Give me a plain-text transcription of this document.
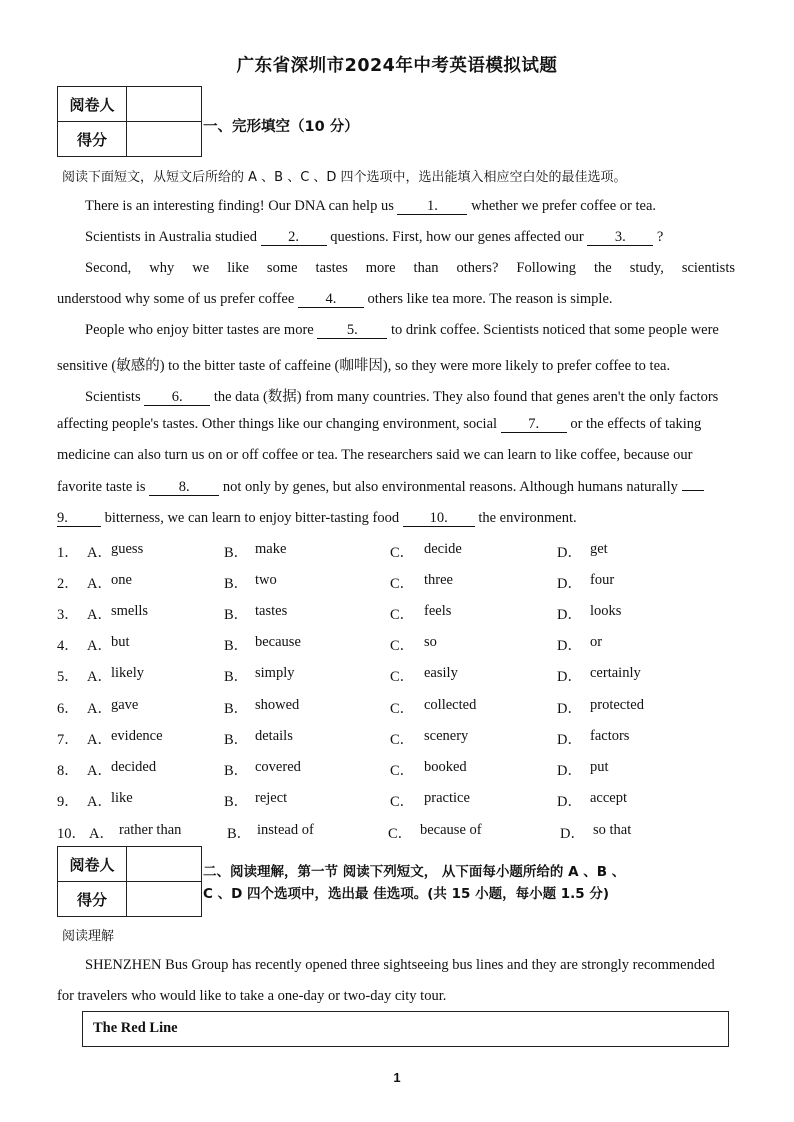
广东省深圳市2024年中考英语模拟试题
阅卷人	
得分	
一、完形填空（10 分）
阅读下面短文，从短文后所给的 A 、B 、C 、D 四个选项中，选出能填入相应空白处的最佳选项。
There is an interesting finding! Our DNA can help us 1. whether we prefer coffee or tea.
Scientists in Australia studied 2. questions. First, how our genes affected our 3. ?
Second, why we like some tastes more than others? Following the study, scientists
understood why some of us prefer coffee 4. others like tea more. The reason is simple.
People who enjoy bitter tastes are more 5. to drink coffee. Scientists noticed that some people were
sensitive (敏感的) to the bitter taste of caffeine (咖啡因), so they were more likely to prefer coffee to tea.
Scientists 6. the data (数据) from many countries. They also found that genes aren't the only factors
affecting people's tastes. Other things like our changing environment, social 7. or the effects of taking
medicine can also turn us on or off coffee or tea. The researchers said we can learn to like coffee, because our
favorite taste is 8. not only by genes, but also environmental reasons. Although humans naturally
9.	bitterness, we can learn to enjoy bitter-tasting food 10. the environment.
1． A． guess	B． make	C． decide	D． get
2． A． one	B． two	C． three	D． four
3． A． smells	B． tastes	C． feels	D． looks
4． A． but	B． because	C． so	D． or
5． A． likely	B． simply	C． easily	D． certainly
6． A． gave	B． showed	C． collected	D． protected
7． A． evidence	B． details	C． scenery	D． factors
8． A． decided	B． covered	C． booked	D． put
9． A． like	B． reject	C． practice	D． accept
10． A． rather than	B． instead of	C． because of	D． so that
阅卷人	
得分	
二、阅读理解，第一节 阅读下列短文， 从下面每小题所给的 A 、B 、
C 、D 四个选项中，选出最 佳选项。(共 15 小题，每小题 1.5 分)
阅读理解
SHENZHEN Bus Group has recently opened three sightseeing bus lines and they are strongly recommended
for travelers who would like to take a one-day or two-day city tour.
The Red Line
1
